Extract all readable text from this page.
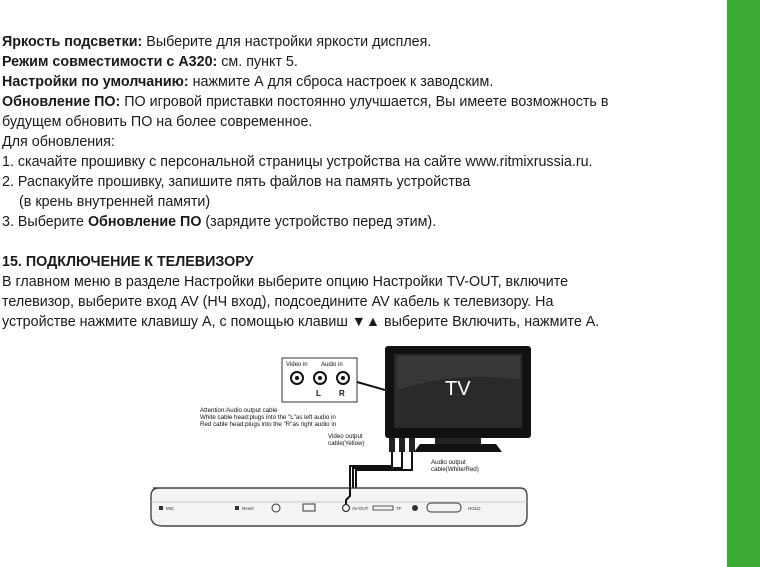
Яркость подсветки: Выберите для настройки яркости дисплея.
Режим совместимости с А320: см. пункт 5.
Настройки по умолчанию: нажмите А для сброса настроек к заводским.
Обновление ПО: ПО игровой приставки постоянно улучшается, Вы имеете возможность в
будущем обновить ПО на более современное.
Для обновления:
1. скачайте прошивку с персональной страницы устройства на сайте www.ritmixrussia.ru.
2. Распакуйте прошивку, запишите пять файлов на память устройства
(в крень внутренней памяти)
3. Выберите Обновление ПО (зарядите устройство перед этим).
15. ПОДКЛЮЧЕНИЕ К ТЕЛЕВИЗОРУ
В главном меню в разделе Настройки выберите опцию Настройки TV-OUT, включите
телевизор, выберите вход AV (НЧ вход), подсоедините AV кабель к телевизору. На
устройстве нажмите клавишу А, с помощью клавиш ▼▲ выберите Включить, нажмите А.
TV
Video in Audio in
L R
Attention:Audio output cable
White cable head:plugs into the "L"as left audio in
Red cable head:plugs into the "R"as right audio in
Video output
cable(Yellow)
Audio output
cable(White/Red)
MIC	Reset	AV-OUT	TF	HOLD
